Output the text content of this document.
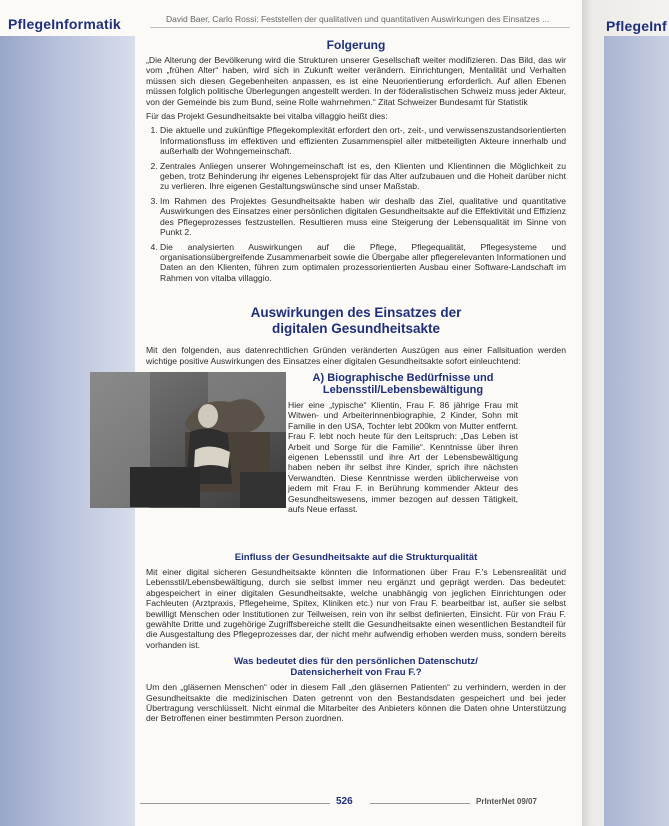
PflegeInformatik	David Baer, Carlo Rossi: Feststellen der qualitativen und quantitativen Auswirkungen des Einsatzes ...
Folgerung

„Die Alterung der Bevölkerung wird die Strukturen unserer Gesellschaft weiter modifizieren. Das Bild, das wir vom „frühen Alter“ haben, wird sich in Zukunft weiter verändern. Einrichtungen, Mentalität und Verhalten müssen sich diesen Gegebenheiten anpassen, es ist eine Neuorientierung erforderlich. Auf allen Ebenen müssen folglich politische Überlegungen angestellt werden. In der föderalistischen Schweiz muss jeder Akteur, von der Gemeinde bis zum Bund, seine Rolle wahrnehmen.“ Zitat Schweizer Bundesamt für Statistik

Für das Projekt Gesundheitsakte bei vitalba villaggio heißt dies:

1. Die aktuelle und zukünftige Pflegekomplexität erfordert den ort-, zeit-, und verwissenszustandsorientierten Informationsfluss im effektiven und effizienten Zusammenspiel aller mitbeteiligten Akteure innerhalb und außerhalb der Wohngemeinschaft.
2. Zentrales Anliegen unserer Wohngemeinschaft ist es, den Klienten und Klientinnen die Möglichkeit zu geben, trotz Behinderung ihr eigenes Lebensprojekt für das Alter aufzubauen und die Hoheit darüber nicht zu verlieren. Ihre eigenen Gestaltungswünsche sind unser Maßstab.
3. Im Rahmen des Projektes Gesundheitsakte haben wir deshalb das Ziel, qualitative und quantitative Auswirkungen des Einsatzes einer persönlichen digitalen Gesundheitsakte auf die Effektivität und Effizienz des Pflegeprozesses festzustellen. Resultieren muss eine Steigerung der Lebensqualität im Sinne von Punkt 2.
4. Die analysierten Auswirkungen auf die Pflege, Pflegequalität, Pflegesysteme und organisationsübergreifende Zusammenarbeit sowie die Übergabe aller pflegerelevanten Informationen und Daten an den Klienten, führen zum optimalen prozessorientierten Ausbau einer Software-Landschaft im Rahmen von vitalba villaggio.
Auswirkungen des Einsatzes der
digitalen Gesundheitsakte

Mit den folgenden, aus datenrechtlichen Gründen veränderten Auszügen aus einer Fallsituation werden wichtige positive Auswirkungen des Einsatzes einer digitalen Gesundheitsakte sofort einleuchtend:

A) Biographische Bedürfnisse und
Lebensstil/Lebensbewältigung

Hier eine „typische“ Klientin, Frau F. 86 jährige Frau mit Witwen- und Arbeiterinnenbiographie, 2 Kinder, Sohn mit Familie in den USA, Tochter lebt 200km von Mutter entfernt. Frau F. lebt noch heute für den Leitspruch: „Das Leben ist Arbeit und Sorge für die Familie“. Kenntnisse über ihren eigenen Lebensstil und ihre Art der Lebensbewältigung haben neben ihr selbst ihre Kinder, sprich ihre nächsten Verwandten. Diese Kenntnisse werden üblicherweise von jedem mit Frau F. in Berührung kommender Akteur des Gesundheitswesens, immer bezogen auf dessen Tätigkeit, aufs Neue erfasst.

Einfluss der Gesundheitsakte auf die Strukturqualität

Mit einer digital sicheren Gesundheitsakte könnten die Informationen über Frau F.'s Lebensrealität und Lebensstil/Lebensbewältigung, durch sie selbst immer neu ergänzt und geprägt werden. Das bedeutet: abgespeichert in einer digitalen Gesundheitsakte, welche unabhängig von jeglichen Einrichtungen oder Fachleuten (Arztpraxis, Pflegeheime, Spitex, Kliniken etc.) nur von Frau F. bearbeitbar ist, außer sie selbst bewilligt Menschen oder Institutionen zur Teilweisen, rein von ihr selbst definierten, Einsicht. Für von Frau F. gewählte Dritte und zugehörige Zugriffsbereiche stellt die Gesundheitsakte einen wesentlichen Bestandteil für die Ausgestaltung des Pflegeprozesses dar, der nicht mehr aufwendig erhoben werden muss, sondern bereits vorhanden ist.

Was bedeutet dies für den persönlichen Datenschutz/
Datensicherheit von Frau F.?

Um den „gläsernen Menschen“ oder in diesem Fall „den gläsernen Patienten“ zu verhindern, werden in der Gesundheitsakte die medizinischen Daten getrennt von den Bestandsdaten gespeichert und bei jeder Übertragung verschlüsselt. Nicht einmal die Mitarbeiter des Anbieters können die Daten ohne Unterstützung der Betroffenen einer bestimmten Person zuordnen.

526	PrInterNet 09/07
PflegeInf
